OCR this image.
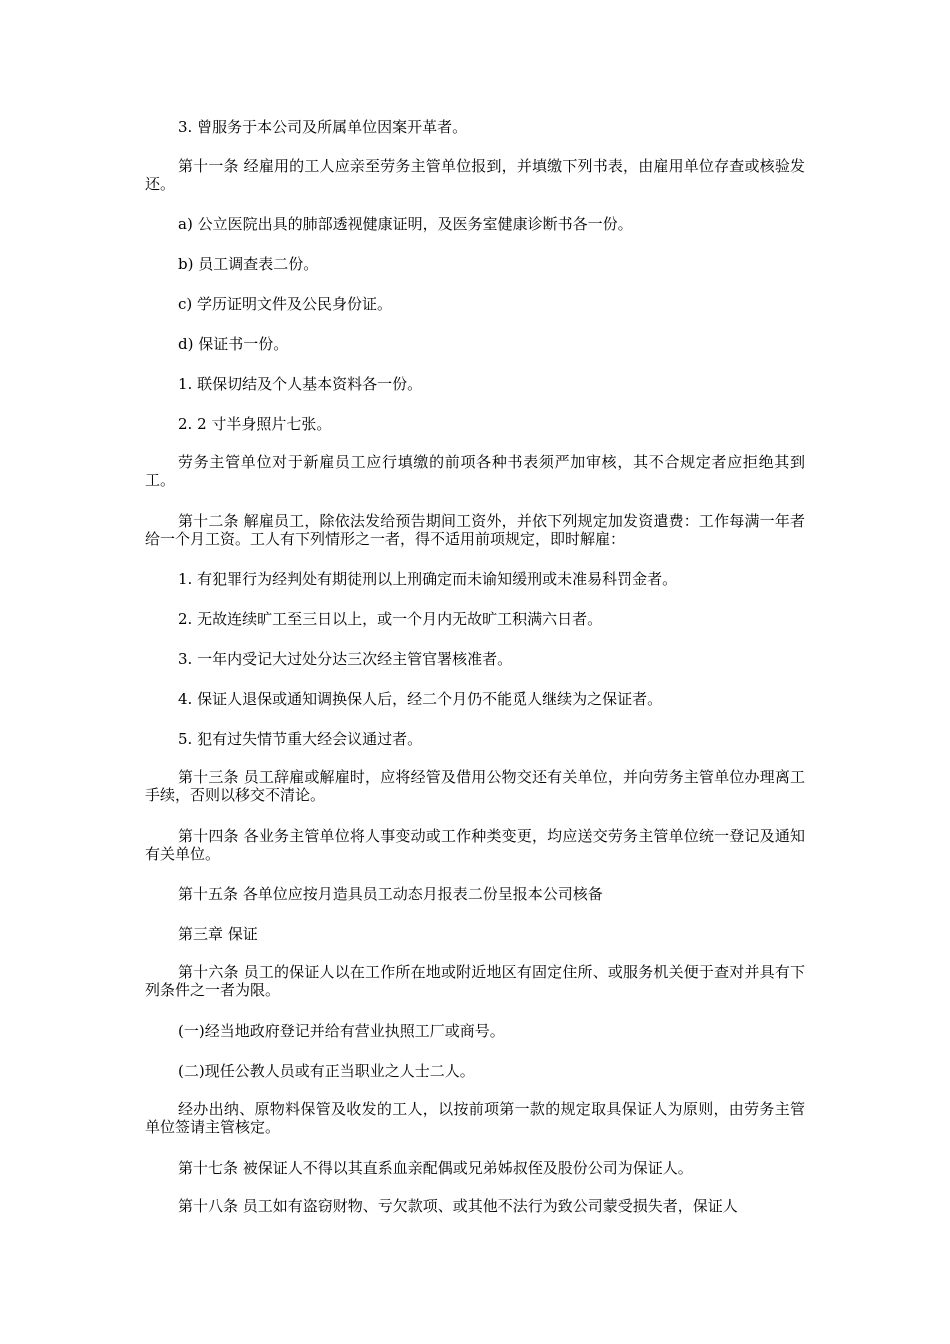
3. 曾服务于本公司及所属单位因案开革者。

第十一条 经雇用的工人应亲至劳务主管单位报到，并填缴下列书表，由雇用单位存查或核验发还。

a) 公立医院出具的肺部透视健康证明，及医务室健康诊断书各一份。

b) 员工调查表二份。

c) 学历证明文件及公民身份证。

d) 保证书一份。

1. 联保切结及个人基本资料各一份。

2. 2 寸半身照片七张。

劳务主管单位对于新雇员工应行填缴的前项各种书表须严加审核，其不合规定者应拒绝其到工。

第十二条 解雇员工，除依法发给预告期间工资外，并依下列规定加发资遣费：工作每满一年者给一个月工资。工人有下列情形之一者，得不适用前项规定，即时解雇：

1. 有犯罪行为经判处有期徒刑以上刑确定而未谕知缓刑或未准易科罚金者。

2. 无故连续旷工至三日以上，或一个月内无故旷工积满六日者。

3. 一年内受记大过处分达三次经主管官署核准者。

4. 保证人退保或通知调换保人后，经二个月仍不能觅人继续为之保证者。

5. 犯有过失情节重大经会议通过者。

第十三条 员工辞雇或解雇时，应将经管及借用公物交还有关单位，并向劳务主管单位办理离工手续，否则以移交不清论。

第十四条 各业务主管单位将人事变动或工作种类变更，均应送交劳务主管单位统一登记及通知有关单位。

第十五条 各单位应按月造具员工动态月报表二份呈报本公司核备

第三章 保证

第十六条 员工的保证人以在工作所在地或附近地区有固定住所、或服务机关便于查对并具有下列条件之一者为限。

(一)经当地政府登记并给有营业执照工厂或商号。

(二)现任公教人员或有正当职业之人士二人。

经办出纳、原物料保管及收发的工人，以按前项第一款的规定取具保证人为原则，由劳务主管单位签请主管核定。

第十七条 被保证人不得以其直系血亲配偶或兄弟姊叔侄及股份公司为保证人。

第十八条 员工如有盗窃财物、亏欠款项、或其他不法行为致公司蒙受损失者，保证人
